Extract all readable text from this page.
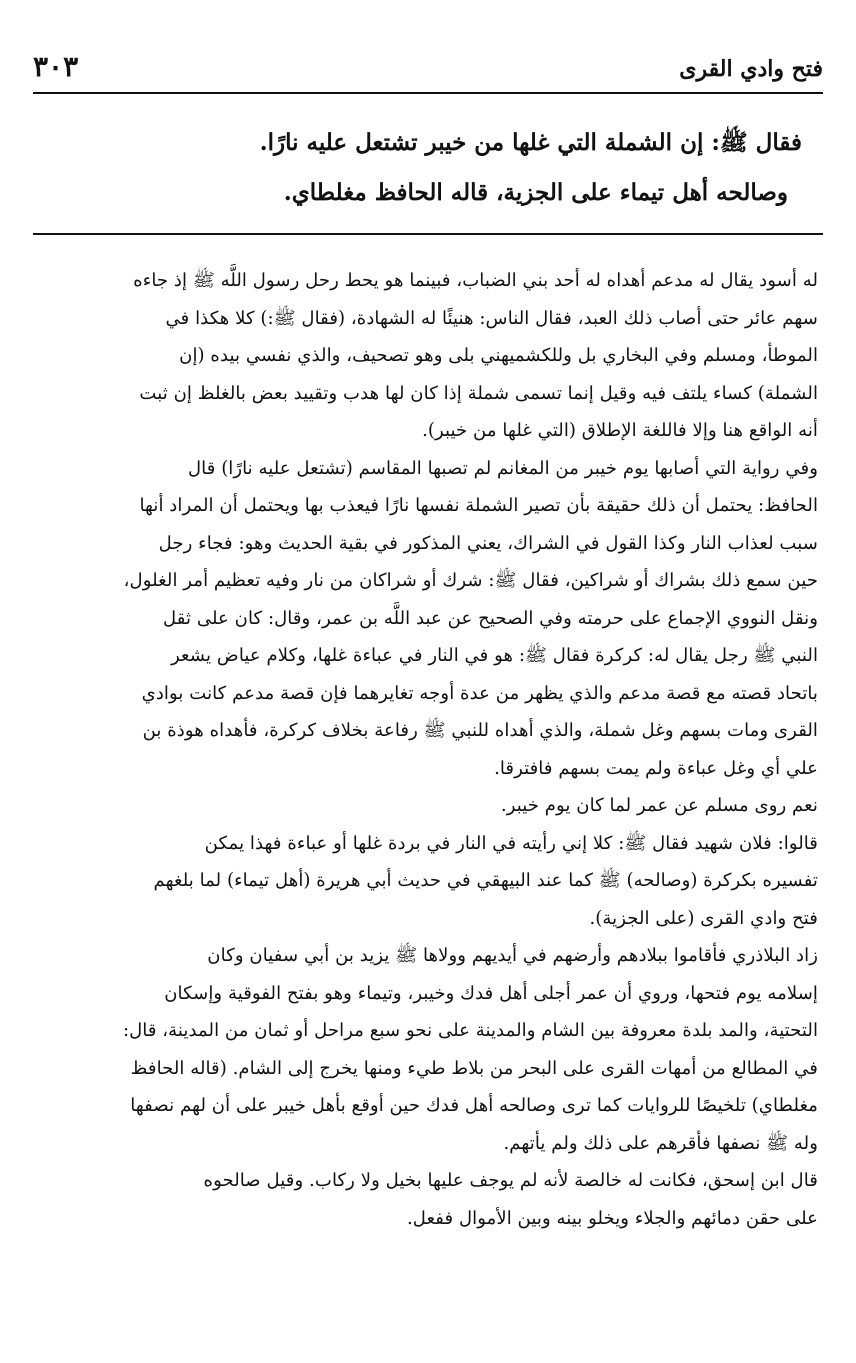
فتح وادي القرى
٣٠٣
فقال ﷺ: إن الشملة التي غلها من خيبر تشتعل عليه نارًا.
وصالحه أهل تيماء على الجزية، قاله الحافظ مغلطاي.
له أسود يقال له مدعم أهداه له أحد بني الضباب، فبينما هو يحط رحل رسول اللَّه ﷺ إذ جاءه
سهم عائر حتى أصاب ذلك العبد، فقال الناس: هنيئًا له الشهادة، (فقال ﷺ:) كلا هكذا في
الموطأ، ومسلم وفي البخاري بل وللكشميهني بلى وهو تصحيف، والذي نفسي بيده (إن
الشملة) كساء يلتف فيه وقيل إنما تسمى شملة إذا كان لها هدب وتقييد بعض بالغلظ إن ثبت
أنه الواقع هنا وإلا فاللغة الإطلاق (التي غلها من خيبر).
وفي رواية التي أصابها يوم خيبر من المغانم لم تصبها المقاسم (تشتعل عليه نارًا) قال
الحافظ: يحتمل أن ذلك حقيقة بأن تصير الشملة نفسها نارًا فيعذب بها ويحتمل أن المراد أنها
سبب لعذاب النار وكذا القول في الشراك، يعني المذكور في بقية الحديث وهو: فجاء رجل
حين سمع ذلك بشراك أو شراكين، فقال ﷺ: شرك أو شراكان من نار وفيه تعظيم أمر الغلول،
ونقل النووي الإجماع على حرمته وفي الصحيح عن عبد اللَّه بن عمر، وقال: كان على ثقل
النبي ﷺ رجل يقال له: كركرة فقال ﷺ: هو في النار في عباءة غلها، وكلام عياض يشعر
باتحاد قصته مع قصة مدعم والذي يظهر من عدة أوجه تغايرهما فإن قصة مدعم كانت بوادي
القرى ومات بسهم وغل شملة، والذي أهداه للنبي ﷺ رفاعة بخلاف كركرة، فأهداه هوذة بن
علي أي وغل عباءة ولم يمت بسهم فافترقا.
نعم روى مسلم عن عمر لما كان يوم خيبر.
قالوا: فلان شهيد فقال ﷺ: كلا إني رأيته في النار في بردة غلها أو عباءة فهذا يمكن
تفسيره بكركرة (وصالحه) ﷺ كما عند البيهقي في حديث أبي هريرة (أهل تيماء) لما بلغهم
فتح وادي القرى (على الجزية).
زاد البلاذري فأقاموا ببلادهم وأرضهم في أيديهم وولاها ﷺ يزيد بن أبي سفيان وكان
إسلامه يوم فتحها، وروي أن عمر أجلى أهل فدك وخيبر، وتيماء وهو بفتح الفوقية وإسكان
التحتية، والمد بلدة معروفة بين الشام والمدينة على نحو سبع مراحل أو ثمان من المدينة، قال:
في المطالع من أمهات القرى على البحر من بلاط طيء ومنها يخرج إلى الشام. (قاله الحافظ
مغلطاي) تلخيصًا للروايات كما ترى وصالحه أهل فدك حين أوقع بأهل خيبر على أن لهم نصفها
وله ﷺ نصفها فأقرهم على ذلك ولم يأتهم.
قال ابن إسحق، فكانت له خالصة لأنه لم يوجف عليها بخيل ولا ركاب. وقيل صالحوه
على حقن دمائهم والجلاء ويخلو بينه وبين الأموال ففعل.
